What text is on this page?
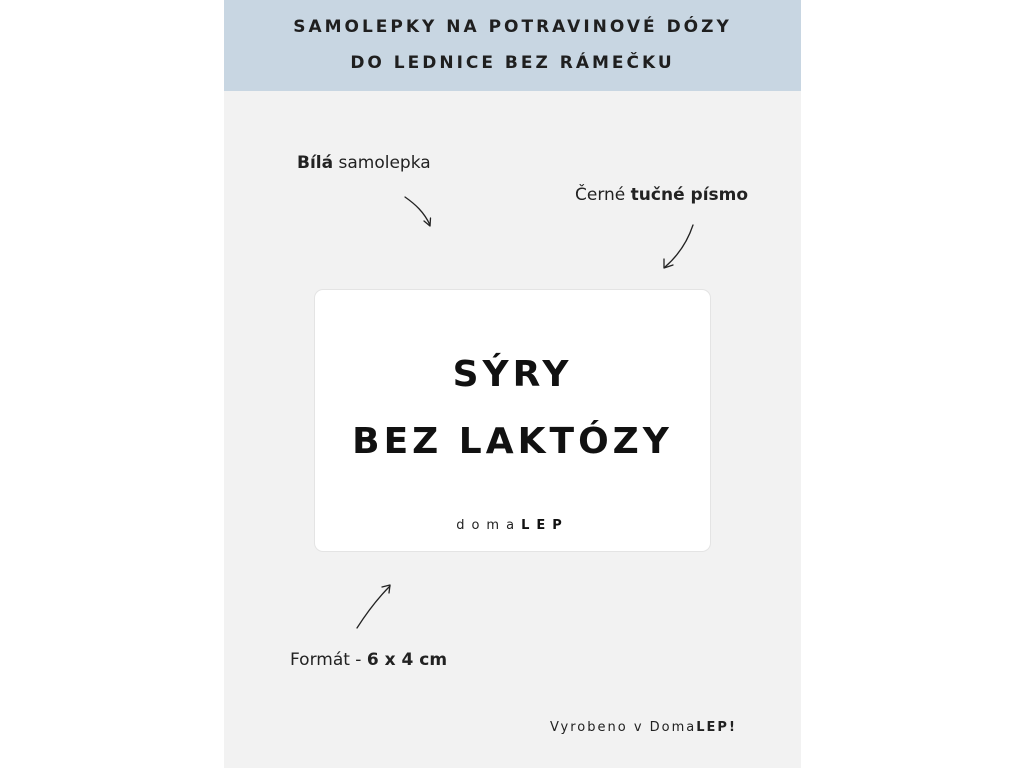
SAMOLEPKY NA POTRAVINOVÉ DÓZY
DO LEDNICE BEZ RÁMEČKU
Bílá samolepka
Černé tučné písmo
SÝRY
BEZ LAKTÓZY
domaLEP
Formát - 6 x 4 cm
Vyrobeno v DomaLEP!
